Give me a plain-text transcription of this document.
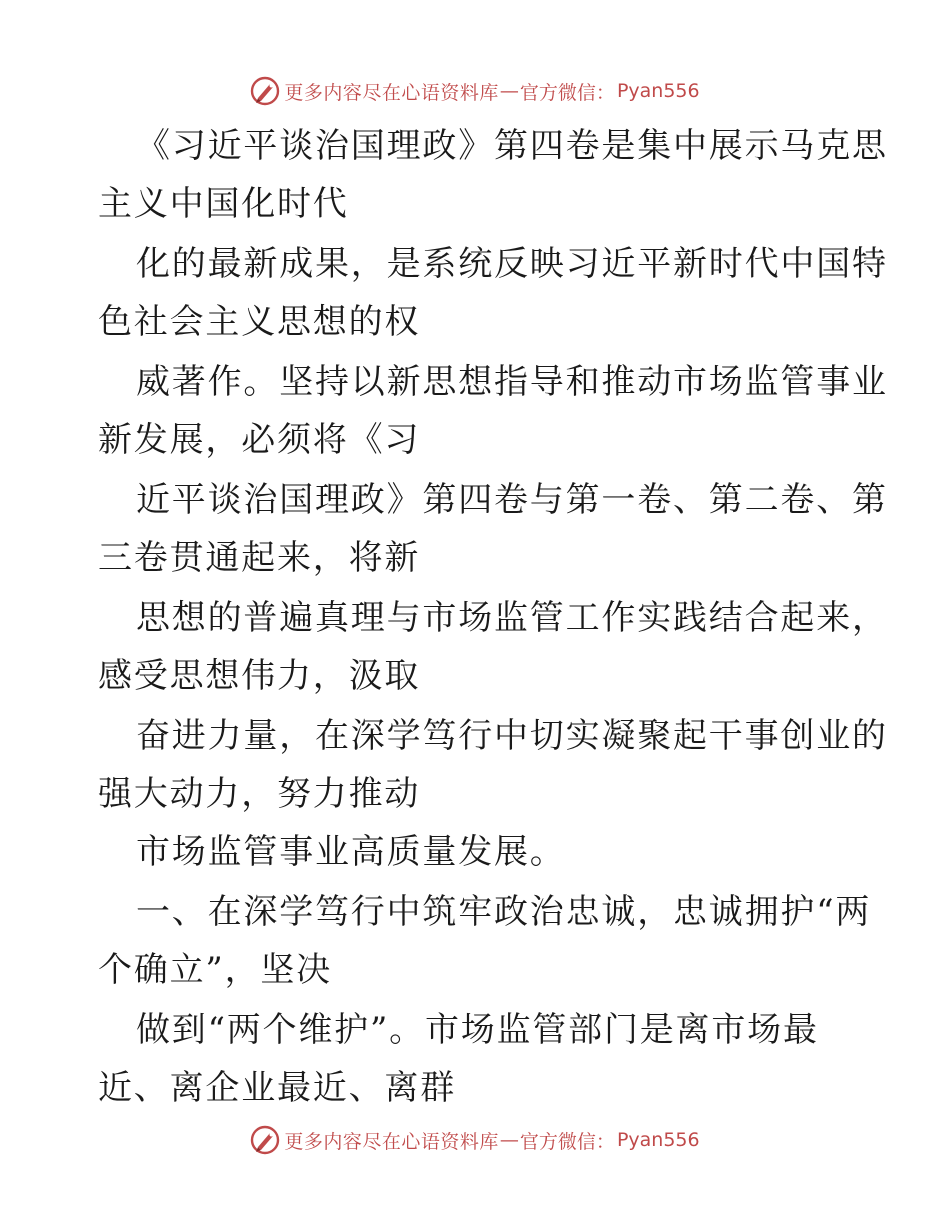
更多内容尽在心语资料库 — 官方微信： Pyan556
《习近平谈治国理政》第四卷是集中展示马克思
主义中国化时代
化的最新成果，是系统反映习近平新时代中国特
色社会主义思想的权
威著作。坚持以新思想指导和推动市场监管事业
新发展，必须将《习
近平谈治国理政》第四卷与第一卷、第二卷、第
三卷贯通起来，将新
思想的普遍真理与市场监管工作实践结合起来，
感受思想伟力，汲取
奋进力量，在深学笃行中切实凝聚起干事创业的
强大动力，努力推动
市场监管事业高质量发展。
一、在深学笃行中筑牢政治忠诚，忠诚拥护“两
个确立”，坚决
做到“两个维护”。市场监管部门是离市场最
近、离企业最近、离群
更多内容尽在心语资料库 — 官方微信： Pyan556
